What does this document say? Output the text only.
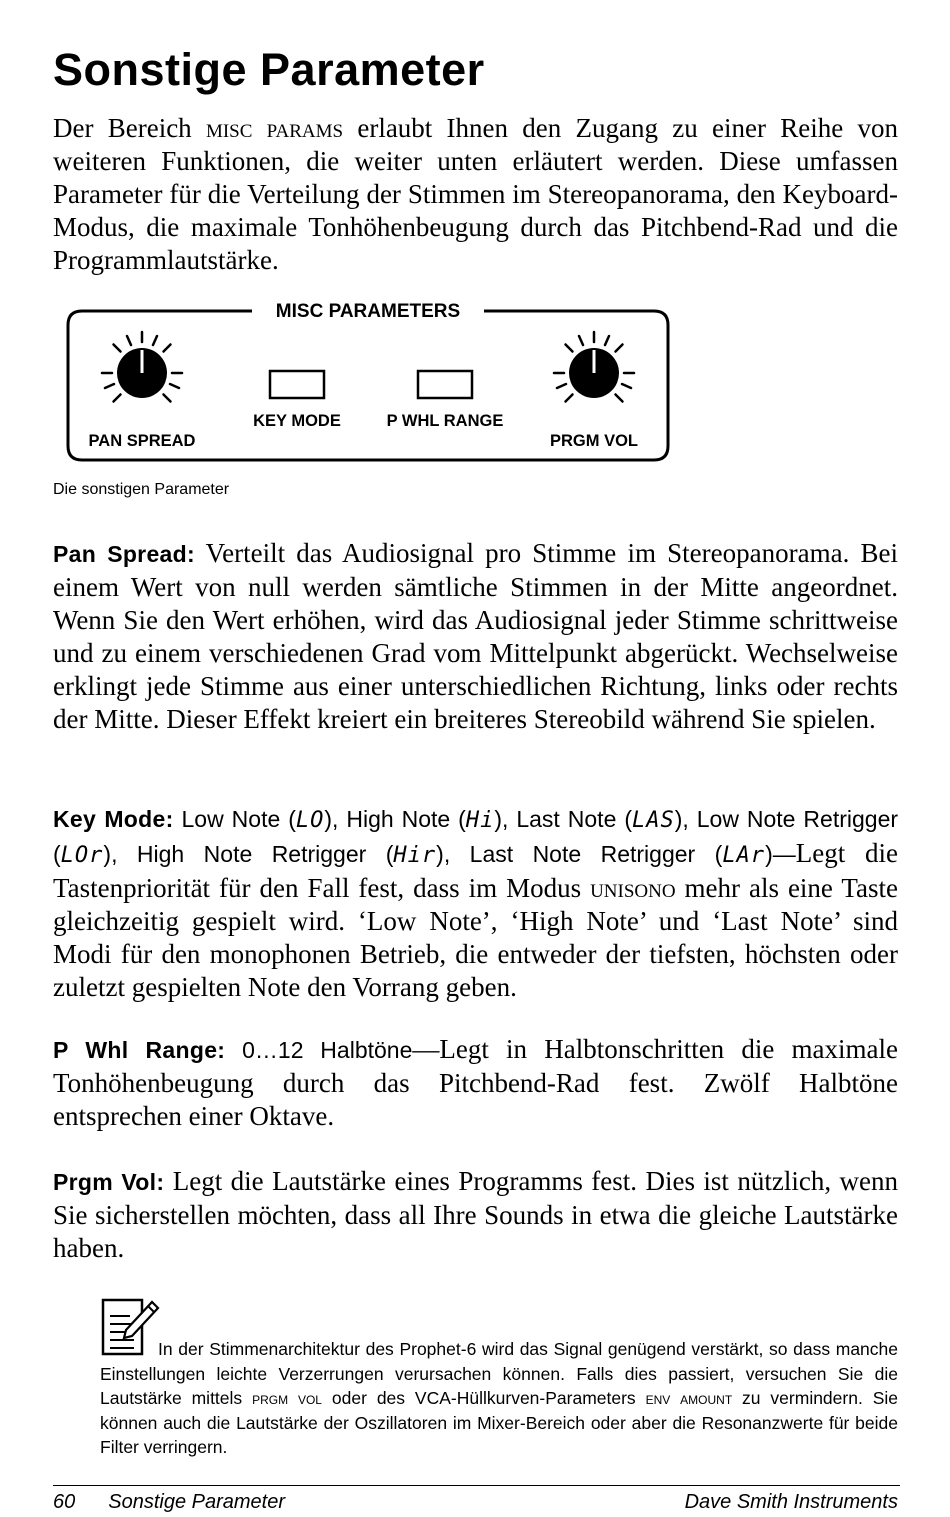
Sonstige Parameter
Der Bereich misc params erlaubt Ihnen den Zugang zu einer Reihe von weiteren Funktionen, die weiter unten erläutert werden. Diese umfassen Parameter für die Verteilung der Stimmen im Stereopanorama, den Keyboard-Modus, die maximale Tonhöhenbeugung durch das Pitchbend-Rad und die Programmlautstärke.
MISC PARAMETERS
PAN SPREAD
KEY MODE	P WHL RANGE
PRGM VOL
Die sonstigen Parameter
Pan Spread: Verteilt das Audiosignal pro Stimme im Stereopanorama. Bei einem Wert von null werden sämtliche Stimmen in der Mitte angeordnet. Wenn Sie den Wert erhöhen, wird das Audiosignal jeder Stimme schrittweise und zu einem verschiedenen Grad vom Mittelpunkt abgerückt. Wechselweise erklingt jede Stimme aus einer unterschiedlichen Richtung, links oder rechts der Mitte. Dieser Effekt kreiert ein breiteres Stereobild während Sie spielen.
Key Mode: Low Note (LO), High Note (Hi), Last Note (LAS), Low Note Retrigger (LOr), High Note Retrigger (Hir), Last Note Retrigger (LAr)—Legt die Tastenpriorität für den Fall fest, dass im Modus unisono mehr als eine Taste gleichzeitig gespielt wird. ‘Low Note’, ‘High Note’ und ‘Last Note’ sind Modi für den monophonen Betrieb, die entweder der tiefsten, höchsten oder zuletzt gespielten Note den Vorrang geben.
P Whl Range: 0…12 Halbtöne—Legt in Halbtonschritten die maximale Tonhöhenbeugung durch das Pitchbend-Rad fest. Zwölf Halbtöne entsprechen einer Oktave.
Prgm Vol: Legt die Lautstärke eines Programms fest. Dies ist nützlich, wenn Sie sicherstellen möchten, dass all Ihre Sounds in etwa die gleiche Lautstärke haben.
In der Stimmenarchitektur des Prophet-6 wird das Signal genügend verstärkt, so dass manche Einstellungen leichte Verzerrungen verursachen können. Falls dies passiert, versuchen Sie die Lautstärke mittels prgm vol oder des VCA-Hüllkurven-Parameters env amount zu vermindern. Sie können auch die Lautstärke der Oszillatoren im Mixer-Bereich oder aber die Resonanzwerte für beide Filter verringern.
60 Sonstige Parameter	Dave Smith Instruments
